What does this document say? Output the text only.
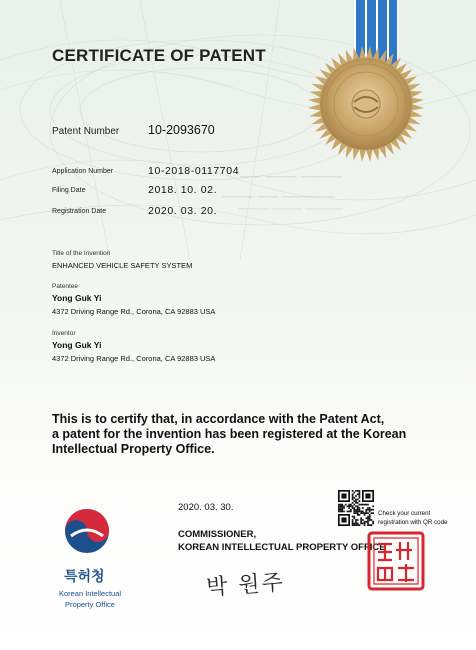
── ─── ────
─── ── ─────
──── ──── ─────
CERTIFICATE OF PATENT
Patent Number 10-2093670
Application Number	10-2018-0117704
Filing Date	2018. 10. 02.
Registration Date	2020. 03. 20.
Title of the Invention
ENHANCED VEHICLE SAFETY SYSTEM
Patentee
Yong Guk Yi
4372 Driving Range Rd., Corona, CA 92883 USA
Inventor
Yong Guk Yi
4372 Driving Range Rd., Corona, CA 92883 USA
This is to certify that, in accordance with the Patent Act,
a patent for the invention has been registered at the Korean
Intellectual Property Office.
2020. 03. 30.
COMMISSIONER,
KOREAN INTELLECTUAL PROPERTY OFFICE
Check your current
registration with QR code
특허청
Korean Intellectual
Property Office
박 원주
